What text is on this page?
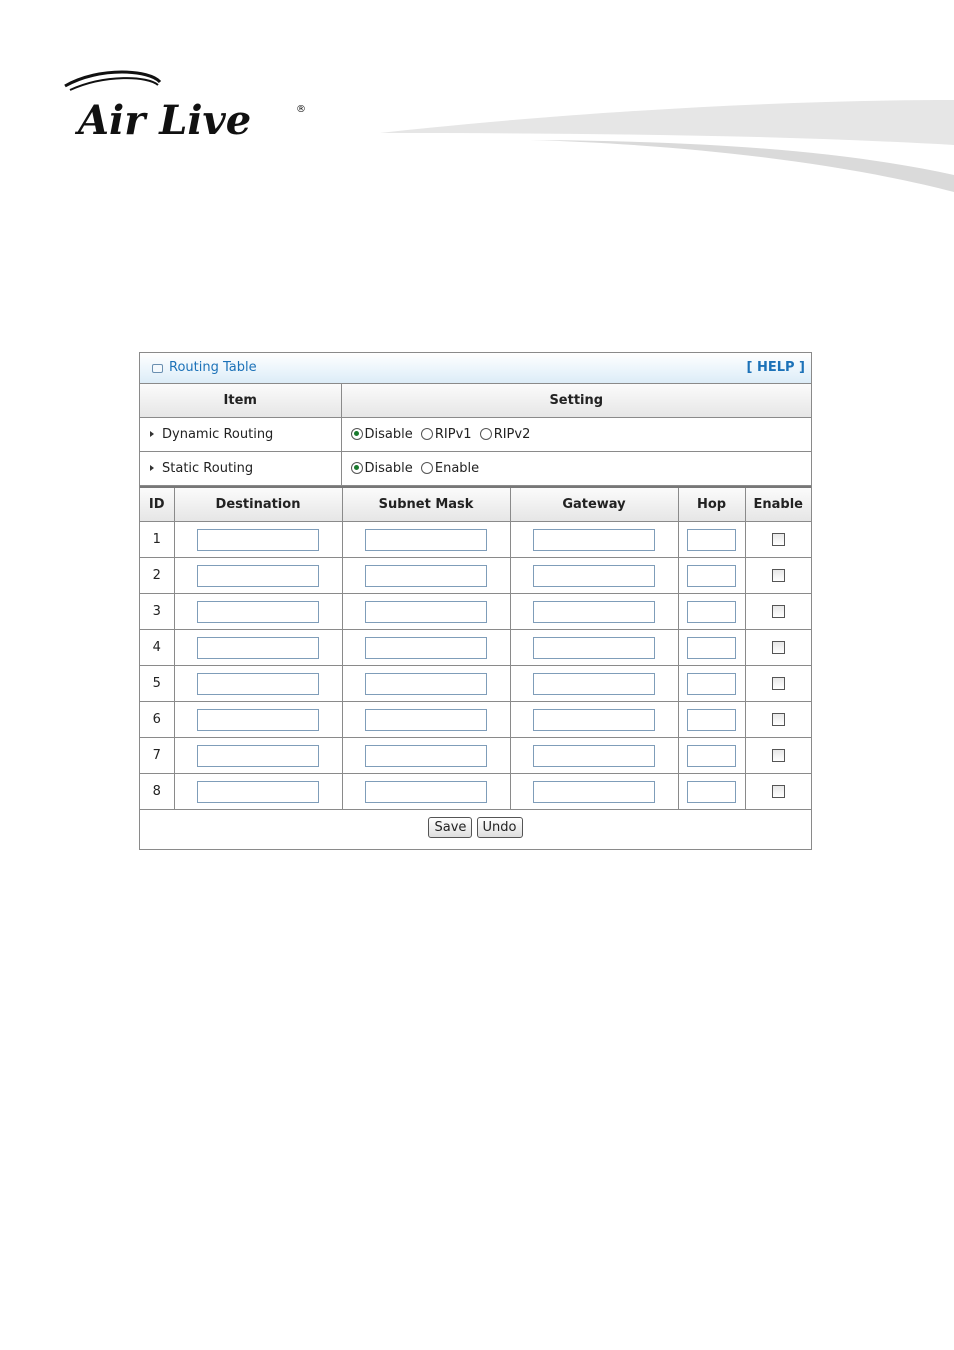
Air Live	®
Routing Table	[ HELP ]
Item	Setting
Dynamic Routing	Disable RIPv1 RIPv2
Static Routing	Disable Enable
ID	Destination	Subnet Mask	Gateway	Hop	Enable
1					
2					
3					
4					
5					
6					
7					
8					
Save Undo					
